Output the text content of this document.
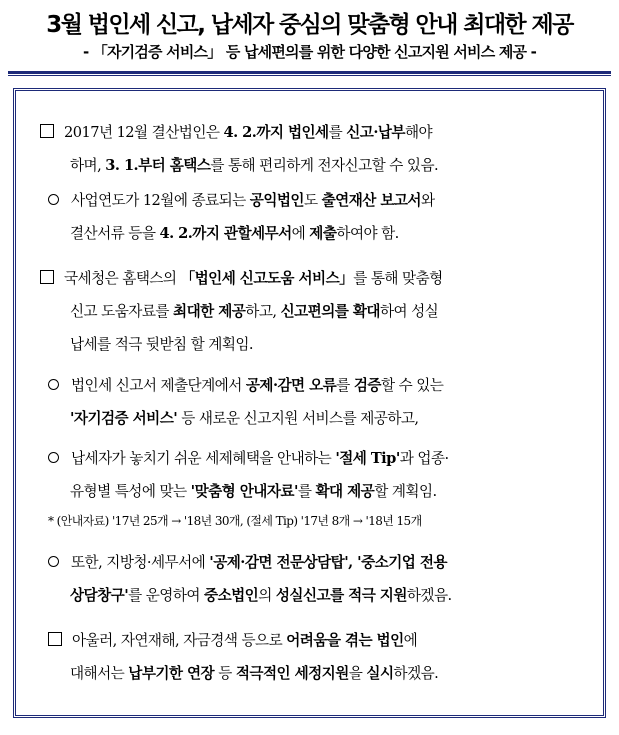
3월 법인세 신고, 납세자 중심의 맞춤형 안내 최대한 제공
- 「자기검증 서비스」 등 납세편의를 위한 다양한 신고지원 서비스 제공 -
2017년 12월 결산법인은 4. 2.까지 법인세를 신고·납부해야
하며, 3. 1.부터 홈택스를 통해 편리하게 전자신고할 수 있음.
사업연도가 12월에 종료되는 공익법인도 출연재산 보고서와
결산서류 등을 4. 2.까지 관할세무서에 제출하여야 함.
국세청은 홈택스의 「법인세 신고도움 서비스」를 통해 맞춤형
신고 도움자료를 최대한 제공하고, 신고편의를 확대하여 성실
납세를 적극 뒷받침 할 계획임.
법인세 신고서 제출단계에서 공제·감면 오류를 검증할 수 있는
'자기검증 서비스' 등 새로운 신고지원 서비스를 제공하고,
납세자가 놓치기 쉬운 세제혜택을 안내하는 '절세 Tip'과 업종·
유형별 특성에 맞는 '맞춤형 안내자료'를 확대 제공할 계획임.
* (안내자료) '17년 25개 → '18년 30개, (절세 Tip) '17년 8개 → '18년 15개
또한, 지방청·세무서에 '공제·감면 전문상담탑', '중소기업 전용
상담창구'를 운영하여 중소법인의 성실신고를 적극 지원하겠음.
아울러, 자연재해, 자금경색 등으로 어려움을 겪는 법인에
대해서는 납부기한 연장 등 적극적인 세정지원을 실시하겠음.
